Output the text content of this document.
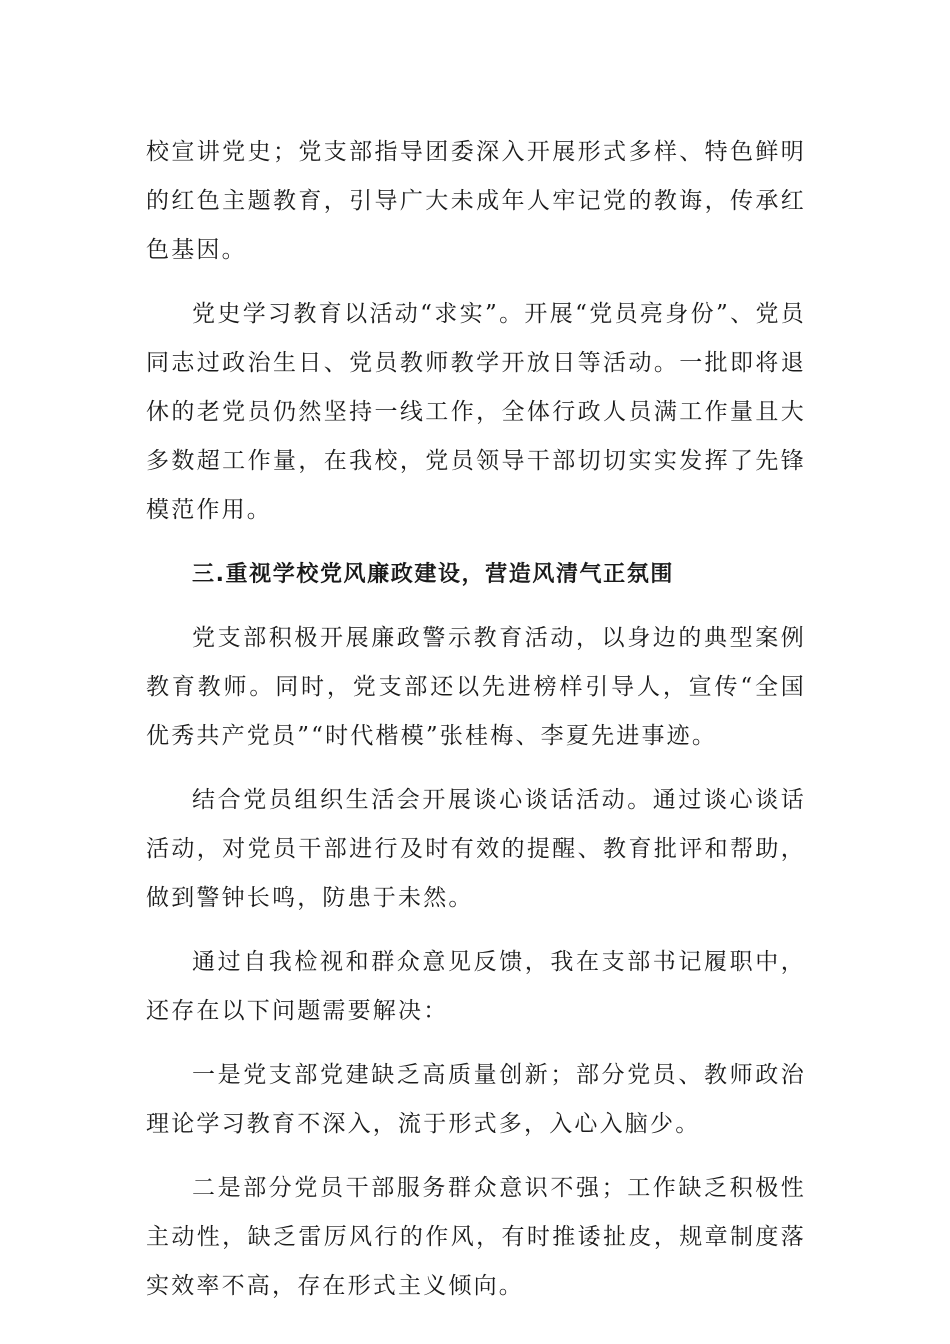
校宣讲党史；党支部指导团委深入开展形式多样、特色鲜明的红色主题教育，引导广大未成年人牢记党的教诲，传承红色基因。

党史学习教育以活动“求实”。开展“党员亮身份”、党员同志过政治生日、党员教师教学开放日等活动。一批即将退休的老党员仍然坚持一线工作，全体行政人员满工作量且大多数超工作量，在我校，党员领导干部切切实实发挥了先锋模范作用。

三.重视学校党风廉政建设，营造风清气正氛围

党支部积极开展廉政警示教育活动，以身边的典型案例教育教师。同时，党支部还以先进榜样引导人，宣传“全国优秀共产党员”“时代楷模”张桂梅、李夏先进事迹。

结合党员组织生活会开展谈心谈话活动。通过谈心谈话活动，对党员干部进行及时有效的提醒、教育批评和帮助，做到警钟长鸣，防患于未然。

通过自我检视和群众意见反馈，我在支部书记履职中，还存在以下问题需要解决：

一是党支部党建缺乏高质量创新；部分党员、教师政治理论学习教育不深入，流于形式多，入心入脑少。

二是部分党员干部服务群众意识不强；工作缺乏积极性主动性，缺乏雷厉风行的作风，有时推诿扯皮，规章制度落实效率不高，存在形式主义倾向。
